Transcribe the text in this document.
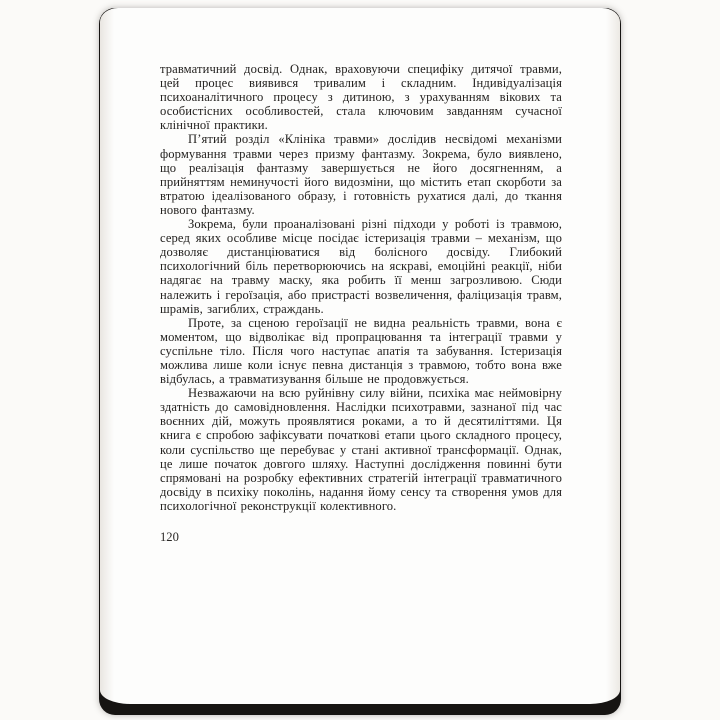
травматичний досвід. Однак, враховуючи специфіку дитячої травми, цей процес виявився тривалим і складним. Індивідуалізація психоаналітичного процесу з дитиною, з урахуванням вікових та особистісних особливостей, стала ключовим завданням сучасної клінічної практики.

П’ятий розділ «Клініка травми» дослідив несвідомі механізми формування травми через призму фантазму. Зокрема, було виявлено, що реалізація фантазму завершується не його досягненням, а прийняттям неминучості його видозміни, що містить етап скорботи за втратою ідеалізованого образу, і готовність рухатися далі, до ткання нового фантазму.

Зокрема, були проаналізовані різні підходи у роботі із травмою, серед яких особливе місце посідає істеризація травми – механізм, що дозволяє дистанціюватися від болісного досвіду. Глибокий психологічний біль перетворюючись на яскраві, емоційні реакції, ніби надягає на травму маску, яка робить її менш загрозливою. Сюди належить і героїзація, або пристрасті возвеличення, фаліцизація травм, шрамів, загиблих, страждань.

Проте, за сценою героїзації не видна реальність травми, вона є моментом, що відволікає від пропрацювання та інтеграції травми у суспільне тіло. Після чого наступає апатія та забування. Істеризація можлива лише коли існує певна дистанція з травмою, тобто вона вже відбулась, а травматизування більше не продовжується.

Незважаючи на всю руйнівну силу війни, психіка має неймовірну здатність до самовідновлення. Наслідки психотравми, зазнаної під час воєнних дій, можуть проявлятися роками, а то й десятиліттями. Ця книга є спробою зафіксувати початкові етапи цього складного процесу, коли суспільство ще перебуває у стані активної трансформації. Однак, це лише початок довгого шляху. Наступні дослідження повинні бути спрямовані на розробку ефективних стратегій інтеграції травматичного досвіду в психіку поколінь, надання йому сенсу та створення умов для психологічної реконструкції колективного.

120
